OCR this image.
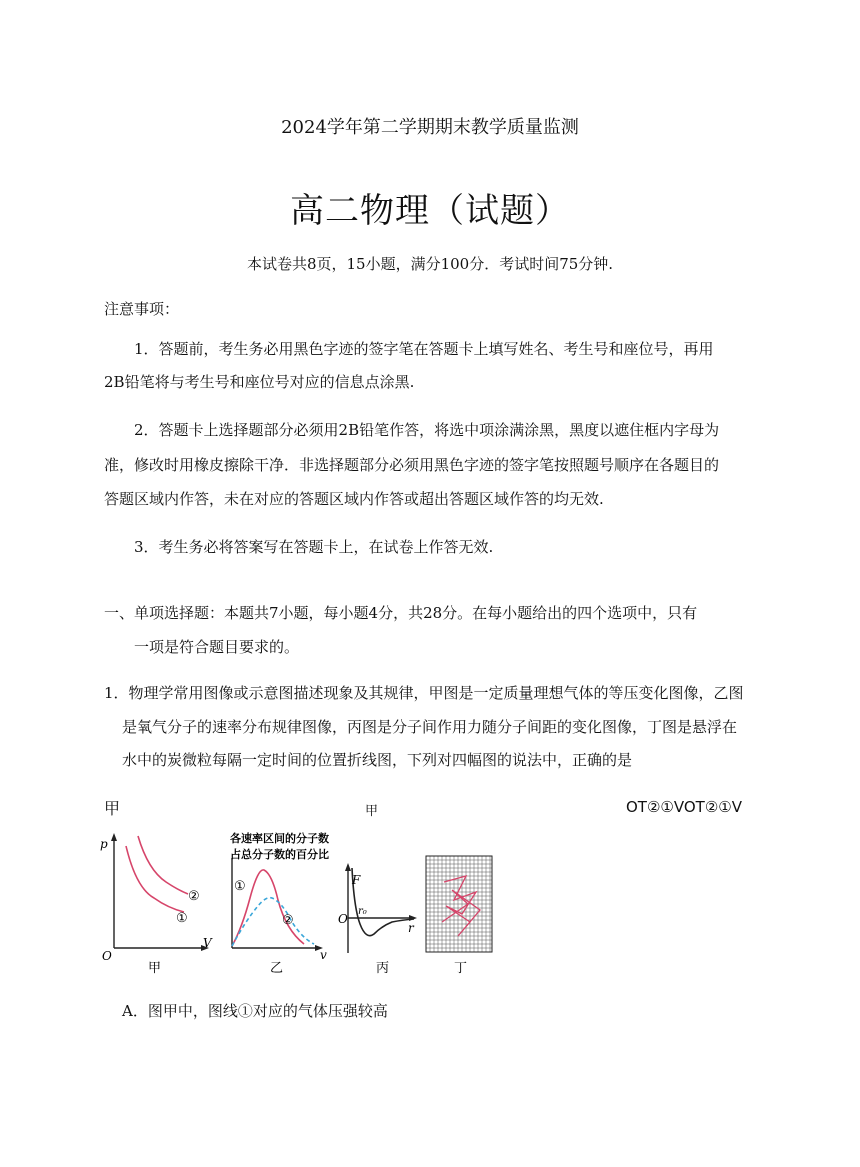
2024学年第二学期期末教学质量监测
高二物理（试题）
本试卷共8页，15小题，满分100分．考试时间75分钟.
注意事项：
1．答题前，考生务必用黑色字迹的签字笔在答题卡上填写姓名、考生号和座位号，再用
2B铅笔将与考生号和座位号对应的信息点涂黑.
2．答题卡上选择题部分必须用2B铅笔作答，将选中项涂满涂黑，黑度以遮住框内字母为
准，修改时用橡皮擦除干净．非选择题部分必须用黑色字迹的签字笔按照题号顺序在各题目的
答题区域内作答，未在对应的答题区域内作答或超出答题区域作答的均无效.
3．考生务必将答案写在答题卡上，在试卷上作答无效.
一、单项选择题：本题共7小题，每小题4分，共28分。在每小题给出的四个选项中，只有
一项是符合题目要求的。
1．物理学常用图像或示意图描述现象及其规律，甲图是一定质量理想气体的等压变化图像，乙图
是氧气分子的速率分布规律图像，丙图是分子间作用力随分子间距的变化图像，丁图是悬浮在
水中的炭微粒每隔一定时间的位置折线图，下列对四幅图的说法中，正确的是
甲	甲	OT②①VOT②①V
p
V
O
②
①
甲
各速率区间的分子数
占总分子数的百分比
①
②
v
乙
F
O
r₀
r
丙	丁
A．图甲中，图线①对应的气体压强较高
